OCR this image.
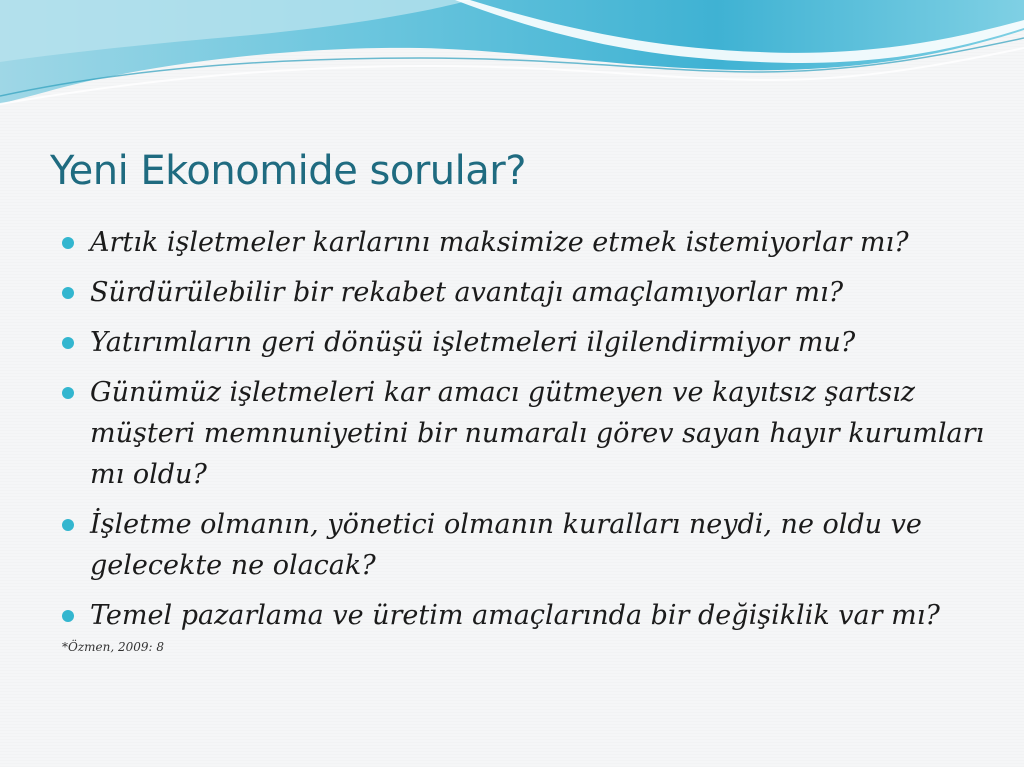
Yeni Ekonomide sorular?
Artık işletmeler karlarını maksimize etmek istemiyorlar mı?
Sürdürülebilir bir rekabet avantajı amaçlamıyorlar mı?
Yatırımların geri dönüşü işletmeleri ilgilendirmiyor mu?
Günümüz işletmeleri kar amacı gütmeyen ve kayıtsız şartsız müşteri memnuniyetini bir numaralı görev sayan hayır kurumları mı oldu?
İşletme olmanın, yönetici olmanın kuralları neydi, ne oldu ve gelecekte ne olacak?
Temel pazarlama ve üretim amaçlarında bir değişiklik var mı?

*Özmen, 2009: 8
